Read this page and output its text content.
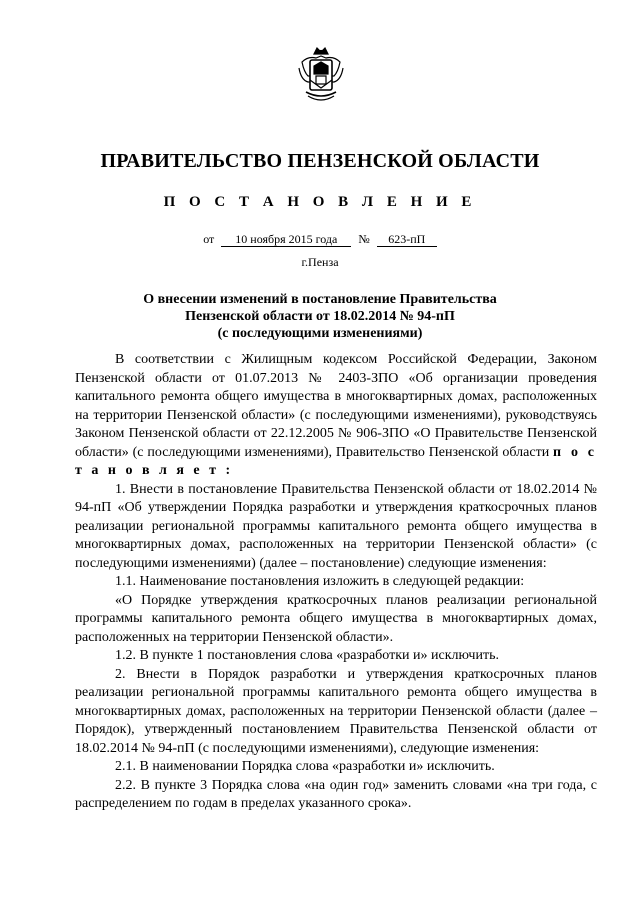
ПРАВИТЕЛЬСТВО ПЕНЗЕНСКОЙ ОБЛАСТИ
П О С Т А Н О В Л Е Н И Е
от 10 ноября 2015 года № 623-пП
г.Пенза
О внесении изменений в постановление Правительства
Пензенской области от 18.02.2014 № 94-пП
(с последующими изменениями)

В соответствии с Жилищным кодексом Российской Федерации, Законом Пензенской области от 01.07.2013 № 2403-ЗПО «Об организации проведения капитального ремонта общего имущества в многоквартирных домах, расположенных на территории Пензенской области» (с последующими изменениями), руководствуясь Законом Пензенской области от 22.12.2005 № 906-ЗПО «О Правительстве Пензенской области» (с последующими изменениями), Правительство Пензенской области п о с т а н о в л я е т :

1. Внести в постановление Правительства Пензенской области от 18.02.2014 № 94-пП «Об утверждении Порядка разработки и утверждения краткосрочных планов реализации региональной программы капитального ремонта общего имущества в многоквартирных домах, расположенных на территории Пензенской области» (с последующими изменениями) (далее – постановление) следующие изменения:

1.1. Наименование постановления изложить в следующей редакции:

«О Порядке утверждения краткосрочных планов реализации региональной программы капитального ремонта общего имущества в многоквартирных домах, расположенных на территории Пензенской области».

1.2. В пункте 1 постановления слова «разработки и» исключить.

2. Внести в Порядок разработки и утверждения краткосрочных планов реализации региональной программы капитального ремонта общего имущества в многоквартирных домах, расположенных на территории Пензенской области (далее – Порядок), утвержденный постановлением Правительства Пензенской области от 18.02.2014 № 94-пП (с последующими изменениями), следующие изменения:

2.1. В наименовании Порядка слова «разработки и» исключить.

2.2. В пункте 3 Порядка слова «на один год» заменить словами «на три года, с распределением по годам в пределах указанного срока».
